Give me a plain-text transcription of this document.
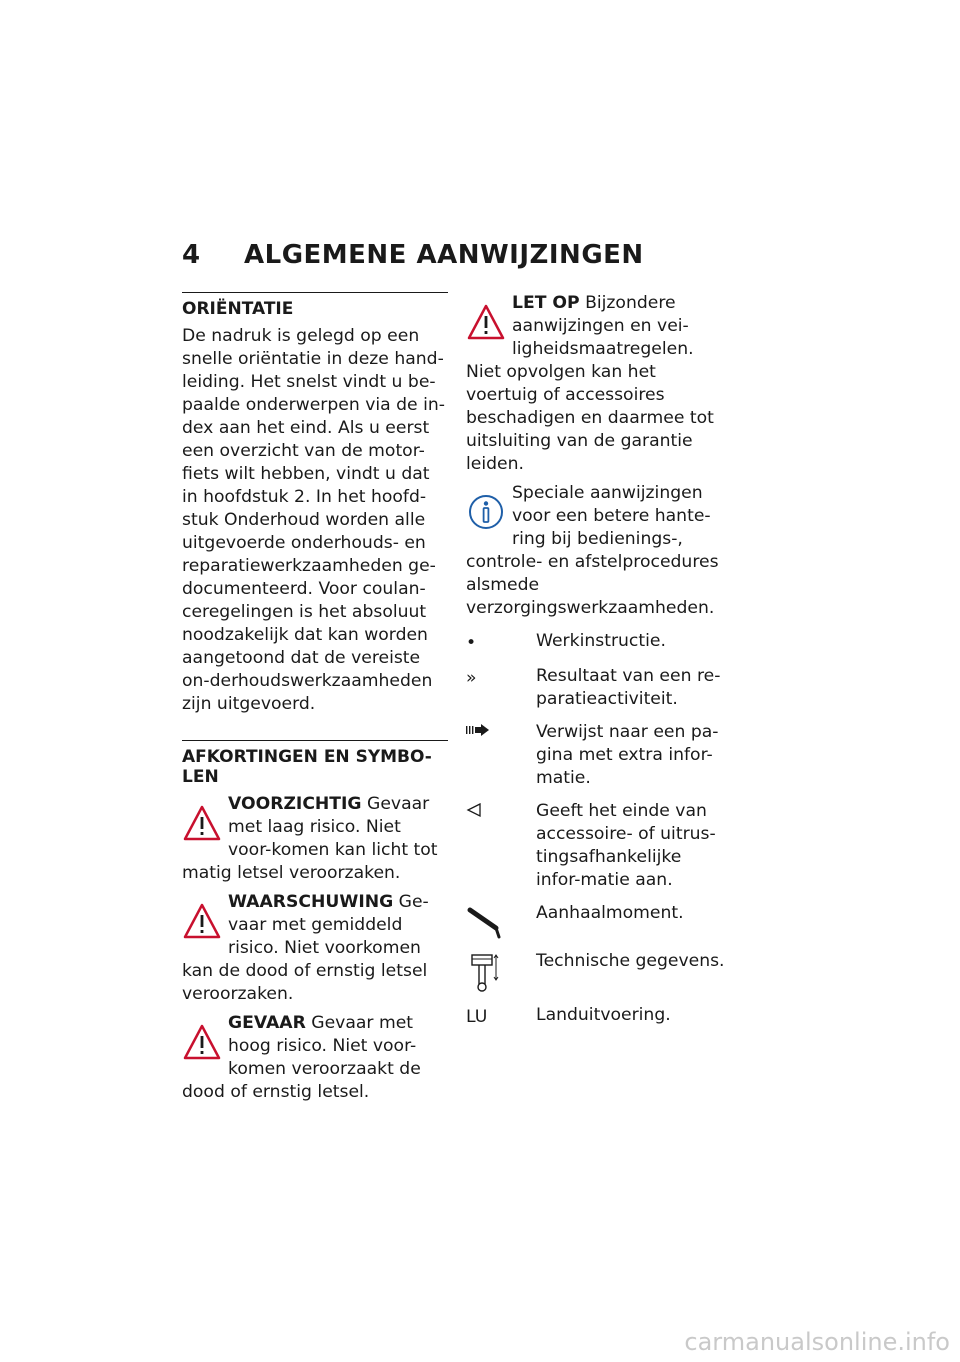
4	ALGEMENE AANWIJZINGEN
ORIËNTATIE

De nadruk is gelegd op een snelle oriëntatie in deze hand-leiding. Het snelst vindt u be-paalde onderwerpen via de in-dex aan het eind. Als u eerst een overzicht van de motor-fiets wilt hebben, vindt u dat in hoofdstuk 2. In het hoofd-stuk Onderhoud worden alle uitgevoerde onderhouds- en reparatiewerkzaamheden ge-documenteerd. Voor coulan-ceregelingen is het absoluut noodzakelijk dat kan worden aangetoond dat de vereiste on-derhoudswerkzaamheden zijn uitgevoerd.

AFKORTINGEN EN SYMBO-LEN
VOORZICHTIG Gevaar met laag risico. Niet voor-komen kan licht tot matig letsel veroorzaken.
WAARSCHUWING Ge-vaar met gemiddeld risico. Niet voorkomen kan de dood of ernstig letsel veroorzaken.
GEVAAR Gevaar met hoog risico. Niet voor-komen veroorzaakt de dood of ernstig letsel.
LET OP Bijzondere aanwijzingen en vei-ligheidsmaatregelen. Niet opvolgen kan het voertuig of accessoires beschadigen en daarmee tot uitsluiting van de garantie leiden.
Speciale aanwijzingen voor een betere hante-ring bij bedienings-, controle- en afstelprocedures alsmede verzorgingswerkzaamheden.
•	Werkinstructie.
»	Resultaat van een re-paratieactiviteit.
Verwijst naar een pa-gina met extra infor-matie.
Geeft het einde van accessoire- of uitrus-tingsafhankelijke infor-matie aan.
Aanhaalmoment.
Technische gegevens.
LU	Landuitvoering.
carmanualsonline.info
